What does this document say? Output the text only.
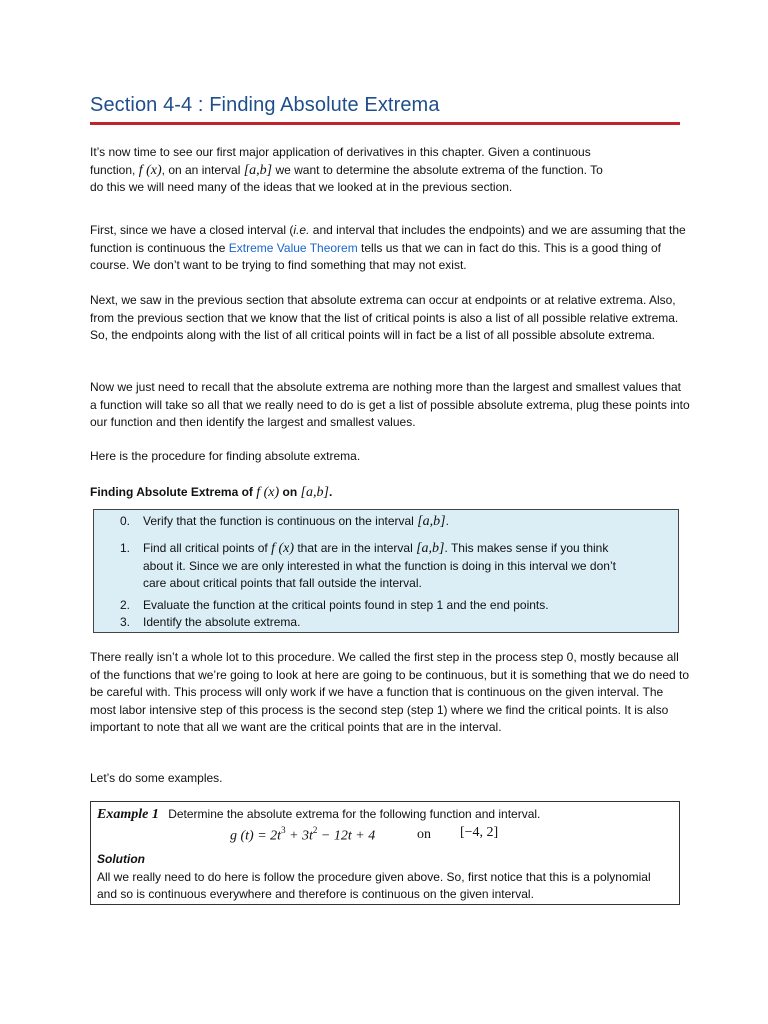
Section 4-4 : Finding Absolute Extrema
It’s now time to see our first major application of derivatives in this chapter. Given a continuous
function, f (x), on an interval [a,b] we want to determine the absolute extrema of the function. To
do this we will need many of the ideas that we looked at in the previous section.

First, since we have a closed interval (i.e. and interval that includes the endpoints) and we are assuming that the function is continuous the Extreme Value Theorem tells us that we can in fact do this. This is a good thing of course. We don’t want to be trying to find something that may not exist.

Next, we saw in the previous section that absolute extrema can occur at endpoints or at relative extrema. Also, from the previous section that we know that the list of critical points is also a list of all possible relative extrema. So, the endpoints along with the list of all critical points will in fact be a list of all possible absolute extrema.

Now we just need to recall that the absolute extrema are nothing more than the largest and smallest values that a function will take so all that we really need to do is get a list of possible absolute extrema, plug these points into our function and then identify the largest and smallest values.

Here is the procedure for finding absolute extrema.

Finding Absolute Extrema of f (x) on [a,b].
0.	Verify that the function is continuous on the interval [a,b].
1.	Find all critical points of f (x) that are in the interval [a,b]. This makes sense if you think
about it. Since we are only interested in what the function is doing in this interval we don’t
care about critical points that fall outside the interval.
2.	Evaluate the function at the critical points found in step 1 and the end points.
3.	Identify the absolute extrema.

There really isn’t a whole lot to this procedure. We called the first step in the process step 0, mostly because all of the functions that we’re going to look at here are going to be continuous, but it is something that we do need to be careful with. This process will only work if we have a function that is continuous on the given interval. The most labor intensive step of this process is the second step (step 1) where we find the critical points. It is also important to note that all we want are the critical points that are in the interval.

Let’s do some examples.

Example 1 Determine the absolute extrema for the following function and interval.
g $(t) = 2t^3 + 3t^2 - 12t + 4$	on [−4, 2]
Solution
All we really need to do here is follow the procedure given above. So, first notice that this is a polynomial and so is continuous everywhere and therefore is continuous on the given interval.
